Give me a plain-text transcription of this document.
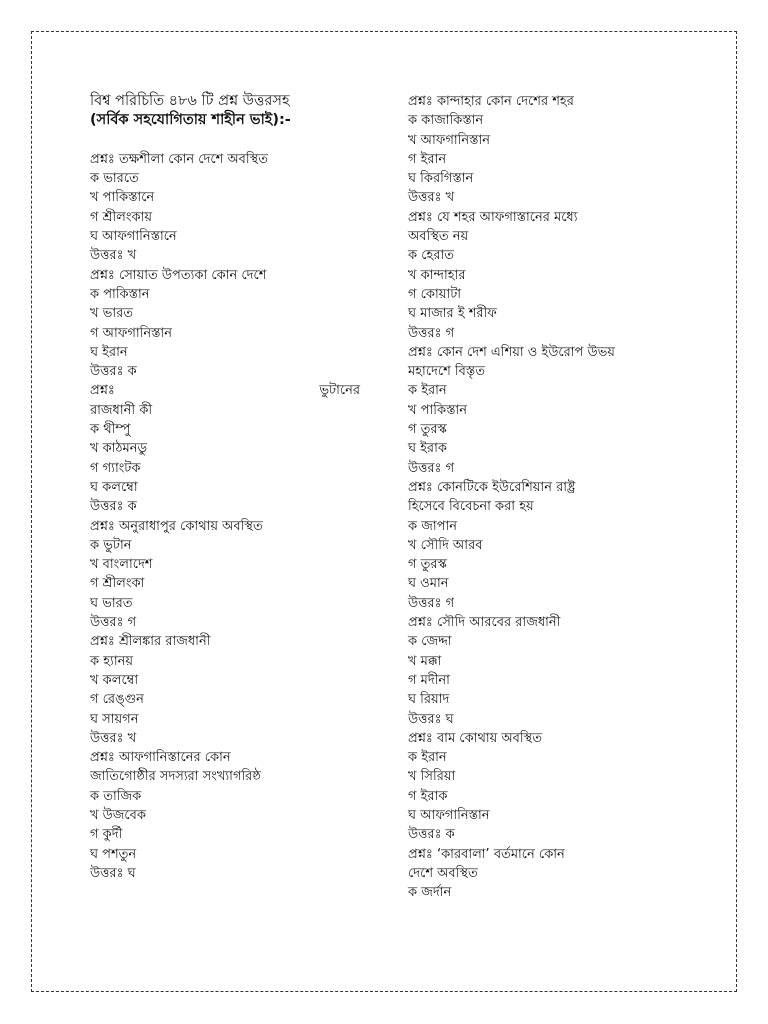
বিশ্ব পরিচিতি ৪৮৬ টি প্রশ্ন উত্তরসহ
(সর্বিক সহযোগিতায় শাহীন ভাই):-
প্রশ্নঃ তক্ষশীলা কোন দেশে অবস্থিত
ক ভারতে
খ পাকিস্তানে
গ শ্রীলংকায়
ঘ আফগানিস্তানে
উত্তরঃ খ
প্রশ্নঃ সোয়াত উপত্যকা কোন দেশে
ক পাকিস্তান
খ ভারত
গ আফগানিস্তান
ঘ ইরান
উত্তরঃ ক
প্রশ্নঃ	ভুটানের
রাজধানী কী
ক থীম্পু
খ কাঠমনডু
গ গ্যাংটক
ঘ কলম্বো
উত্তরঃ ক
প্রশ্নঃ অনুরাধাপুর কোথায় অবস্থিত
ক ভুটান
খ বাংলাদেশ
গ শ্রীলংকা
ঘ ভারত
উত্তরঃ গ
প্রশ্নঃ শ্রীলঙ্কার রাজধানী
ক হ্যানয়
খ কলম্বো
গ রেঙ্গুন
ঘ সায়গন
উত্তরঃ খ
প্রশ্নঃ আফগানিস্তানের কোন
জাতিগোষ্ঠীর সদস্যরা সংখ্যাগরিষ্ঠ
ক তাজিক
খ উজবেক
গ কুর্দী
ঘ পশতুন
উত্তরঃ ঘ
প্রশ্নঃ কান্দাহার কোন দেশের শহর
ক কাজাকিস্তান
খ আফগানিস্তান
গ ইরান
ঘ কিরগিস্তান
উত্তরঃ খ
প্রশ্নঃ যে শহর আফগাস্তানের মধ্যে
অবস্থিত নয়
ক হেরাত
খ কান্দাহার
গ কোয়াটা
ঘ মাজার ই শরীফ
উত্তরঃ গ
প্রশ্নঃ কোন দেশ এশিয়া ও ইউরোপ উভয়
মহাদেশে বিস্তৃত
ক ইরান
খ পাকিস্তান
গ তুরস্ক
ঘ ইরাক
উত্তরঃ গ
প্রশ্নঃ কোনটিকে ইউরেশিয়ান রাষ্ট্র
হিসেবে বিবেচনা করা হয়
ক জাপান
খ সৌদি আরব
গ তুরস্ক
ঘ ওমান
উত্তরঃ গ
প্রশ্নঃ সৌদি আরবের রাজধানী
ক জেদ্দা
খ মক্কা
গ মদীনা
ঘ রিয়াদ
উত্তরঃ ঘ
প্রশ্নঃ বাম কোথায় অবস্থিত
ক ইরান
খ সিরিয়া
গ ইরাক
ঘ আফগানিস্তান
উত্তরঃ ক
প্রশ্নঃ ‘কারবালা’ বর্তমানে কোন
দেশে অবস্থিত
ক জর্দান
